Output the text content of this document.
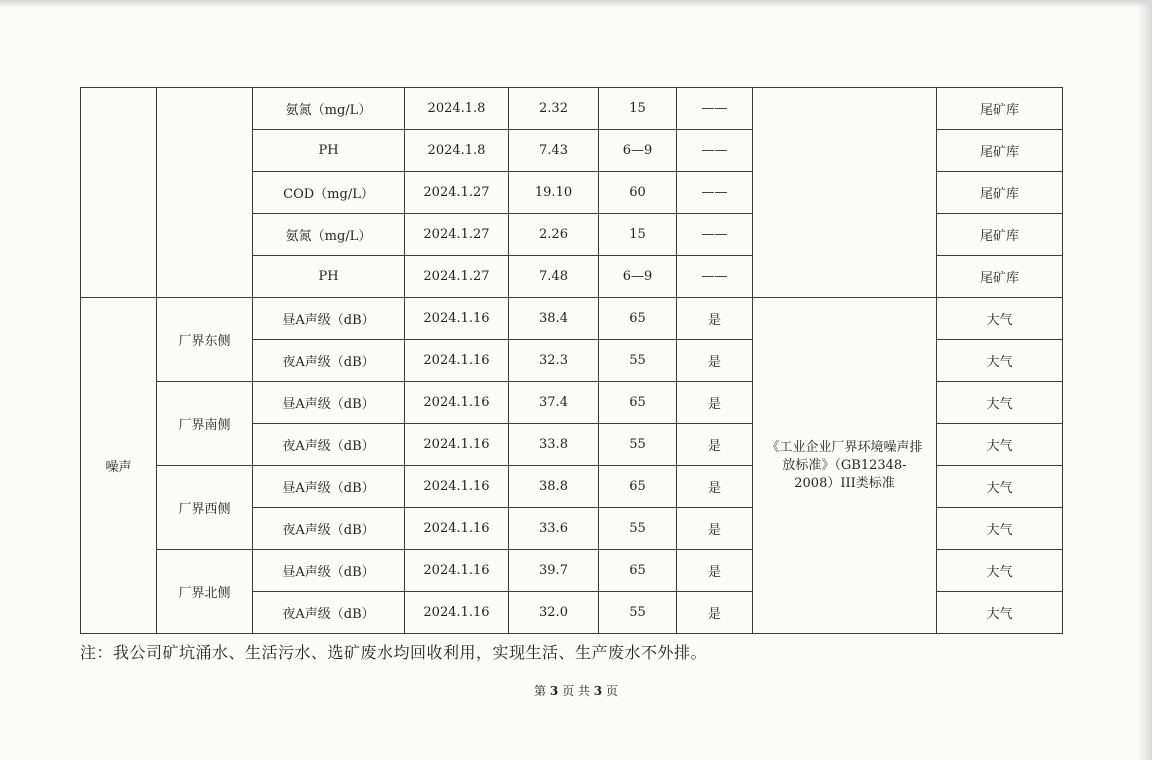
		氨氮（mg/L）	2024.1.8	2.32	15	——		尾矿库
		PH	2024.1.8	7.43	6—9	——		尾矿库
		COD（mg/L）	2024.1.27	19.10	60	——		尾矿库
		氨氮（mg/L）	2024.1.27	2.26	15	——		尾矿库
		PH	2024.1.27	7.48	6—9	——		尾矿库
噪声	厂界东侧	昼A声级（dB）	2024.1.16	38.4	65	是	《工业企业厂界环境噪声排放标准》（GB12348-2008）III类标准	大气
		夜A声级（dB）	2024.1.16	32.3	55	是		大气
	厂界南侧	昼A声级（dB）	2024.1.16	37.4	65	是		大气
		夜A声级（dB）	2024.1.16	33.8	55	是		大气
	厂界西侧	昼A声级（dB）	2024.1.16	38.8	65	是		大气
		夜A声级（dB）	2024.1.16	33.6	55	是		大气
	厂界北侧	昼A声级（dB）	2024.1.16	39.7	65	是		大气
		夜A声级（dB）	2024.1.16	32.0	55	是		大气
注：我公司矿坑涌水、生活污水、选矿废水均回收利用，实现生活、生产废水不外排。
第 3 页 共 3 页
